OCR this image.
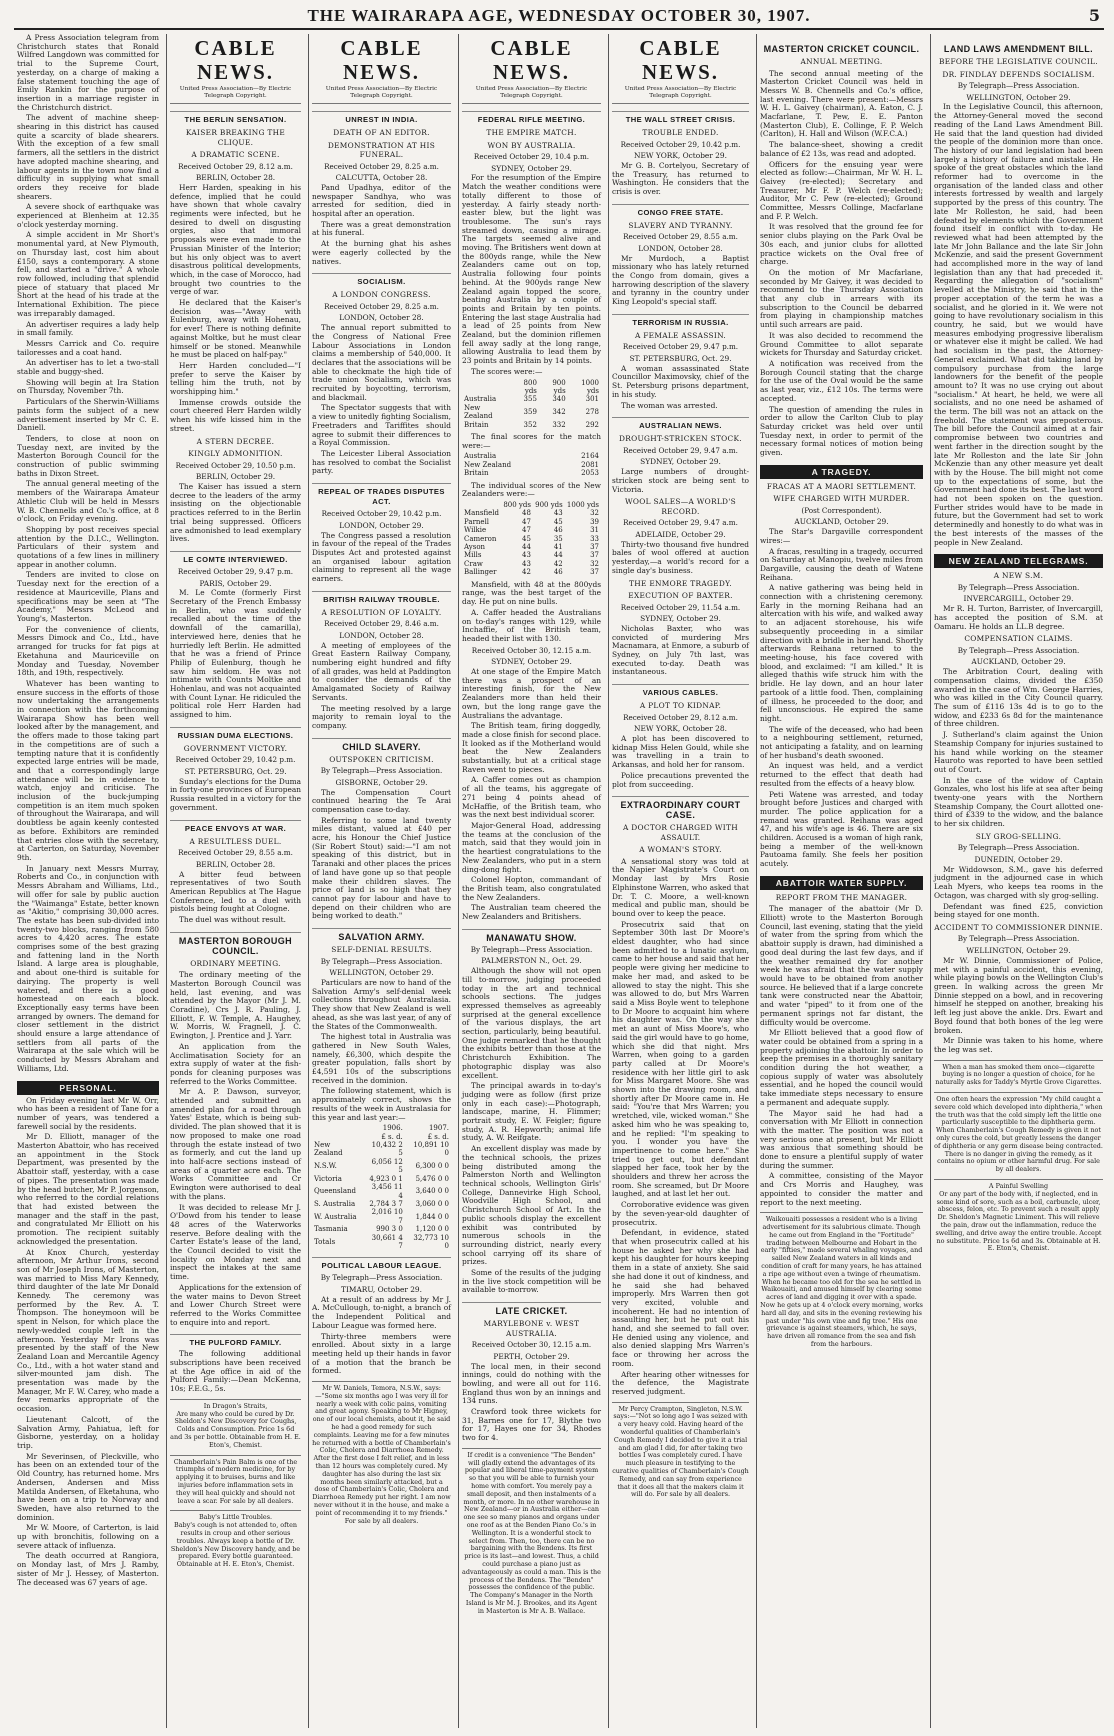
THE WAIRARAPA AGE, WEDNESDAY OCTOBER 30, 1907.	5

A Press Association telegram from Christchurch states that Ronald Wilfred Langdown was committed for trial to the Supreme Court, yesterday, on a charge of making a false statement touching the age of Emily Rankin for the purpose of insertion in a marriage register in the Christchurch district.

The advent of machine sheep-shearing in this district has caused quite a scarcity of blade shearers. With the exception of a few small farmers, all the settlers in the district have adopted machine shearing, and labour agents in the town now find a difficulty in supplying what small orders they receive for blade shearers.

A severe shock of earthquake was experienced at Blenheim at 12.35 o'clock yesterday morning.

A simple accident in Mr Short's monumental yard, at New Plymouth, on Thursday last, cost him about £150, says a contemporary. A stone fell, and started a "drive." A whole row followed, including that splendid piece of statuary that placed Mr Short at the head of his trade at the International Exhibition. The piece was irreparably damaged.

An advertiser requires a lady help in small family.

Messrs Carrick and Co. require tailoresses and a coat hand.

An advertiser has to let a two-stall stable and buggy-shed.

Showing will begin at Ira Station on Thursday, November 7th.

Particulars of the Sherwin-Williams paints form the subject of a new advertisement inserted by Mr C. E. Daniell.

Tenders, to close at noon on Tuesday next, are invited by the Masterton Borough Council for the construction of public swimming baths in Dixon Street.

The annual general meeting of the members of the Wairarapa Amateur Athletic Club will be held in Messrs W. B. Chennells and Co.'s office, at 8 o'clock, on Friday evening.

Shopping by post receives special attention by the D.I.C., Wellington. Particulars of their system and quotations of a few lines in millinery appear in another column.

Tenders are invited to close on Tuesday next for the erection of a residence at Mauriceville, Plans and specifications may be seen at "The Academy," Messrs McLeod and Young's, Masterton.

For the convenience of clients, Messrs Dimock and Co., Ltd., have arranged for trucks for fat pigs at Eketahuna and Mauriceville on Monday and Tuesday, November 18th, and 19th, respectively.

Whatever has been wanting to ensure success in the efforts of those now undertaking the arrangements in connection with the forthcoming Wairarapa Show has been well looked after by the management, and the offers made to those taking part in the competitions are of such a tempting nature that it is confidently expected large entries will be made, and that a correspondingly large attendance will be in evidence to watch, enjoy and criticise. The inclusion of the buck-jumping competition is an item much spoken of throughout the Wairarapa, and will doubtless be again keenly contested as before. Exhibitors are reminded that entries close with the secretary, at Carterton, on Saturday, November 9th.

In January next Messrs Murray, Roberts and Co., in conjunction with Messrs Abraham and Williams, Ltd., will offer for sale by public auction the "Waimanga" Estate, better known as "Akitio," comprising 30,000 acres. The estate has been sub-divided into twenty-two blocks, ranging from 580 acres to 4,420 acres. The estate comprises some of the best grazing and fattening land in the North Island. A large area is ploughable, and about one-third is suitable for dairying. The property is well watered, and there is a good homestead on each block. Exceptionally easy terms have been arranged by owners. The demand for closer settlement in the district should ensure a large attendance of settlers from all parts of the Wairarapa at the sale which will be conducted by Messrs Abraham and Williams, Ltd.

PERSONAL.

On Friday evening last Mr W. Orr, who has been a resident of Tane for a number of years, was tendered a farewell social by the residents.

Mr D. Elliott, manager of the Masterton Abattoir, who has received an appointment in the Stock Department, was presented by the Abattoir staff, yesterday, with a case of pipes. The presentation was made by the head butcher, Mr P. Jorgenson, who referred to the cordial relations that had existed between the manager and the staff in the past, and congratulated Mr Elliott on his promotion. The recipient suitably acknowledged the presentation.

At Knox Church, yesterday afternoon, Mr Arthur Irons, second son of Mr Joseph Irons, of Masterton, was married to Miss Mary Kennedy, third daughter of the late Mr Donald Kennedy. The ceremony was performed by the Rev. A. T. Thompson. The honeymoon will be spent in Nelson, for which place the newly-wedded couple left in the afternoon. Yesterday Mr Irons was presented by the staff of the New Zealand Loan and Mercantile Agency Co., Ltd., with a hot water stand and silver-mounted jam dish. The presentation was made by the Manager, Mr F. W. Carey, who made a few remarks appropriate of the occasion.

Lieutenant Calcott, of the Salvation Army, Pahiatua, left for Gisborne, yesterday, on a holiday trip.

Mr Severinsen, of Pleckville, who has been on an extended tour of the Old Country, has returned home. Mrs Andersen, Andersen and Miss Matilda Andersen, of Eketahuna, who have been on a trip to Norway and Sweden, have also returned to the dominion.

Mr W. Moore, of Carterton, is laid up with bronchitis, following on a severe attack of influenza.

The death occurred at Rangiora, on Monday last, of Mrs J. Ramby, sister of Mr J. Hessey, of Masterton. The deceased was 67 years of age.

CABLE NEWS.
United Press Association—By Electric Telegraph Copyright.
THE BERLIN SENSATION.
KAISER BREAKING THE CLIQUE.
A DRAMATIC SCENE.
Received October 29, 8.12 a.m.
BERLIN, October 28.

Herr Harden, speaking in his defence, implied that he could have shown that whole cavalry regiments were infected, but he desired to dwell on disgusting orgies, also that immoral proposals were even made to the Prussian Minister of the Interior; but his only object was to avert disastrous political developments, which, in the case of Morocco, had brought two countries to the verge of war.

He declared that the Kaiser's decision was—"Away with Eulenburg, away with Hohenau, for ever! There is nothing definite against Moltke, but he must clear himself or be stoned. Meanwhile he must be placed on half-pay."

Herr Harden concluded—"I prefer to serve the Kaiser by telling him the truth, not by worshipping him."

Immense crowds outside the court cheered Herr Harden wildly when his wife kissed him in the street.

A STERN DECREE.
KINGLY ADMONITION.
Received October 29, 10.50 p.m.
BERLIN, October 29.

The Kaiser has issued a stern decree to the leaders of the army insisting on the objectionable practices referred to in the Berlin trial being suppressed. Officers are admonished to lead exemplary lives.

LE COMTE INTERVIEWED.
Received October 29, 9.47 p.m.
PARIS, October 29.

M. Le Comte (formerly First Secretary of the French Embassy in Berlin, who was suddenly recalled about the time of the downfall of the camarilla), interviewed here, denies that he hurriedly left Berlin. He admitted that he was a friend of Prince Philip of Eulenburg, though he saw him seldom. He was not intimate with Counts Moltke and Hohenlau, and was not acquainted with Count Lynar. He ridiculed the political role Herr Harden had assigned to him.

RUSSIAN DUMA ELECTIONS.
GOVERNMENT VICTORY.
Received October 29, 10.42 p.m.
ST. PETERSBURG, Oct. 29.

Sunday's elections for the Duma in forty-one provinces of European Russia resulted in a victory for the government.

PEACE ENVOYS AT WAR.
A RESULTLESS DUEL.
Received October 29, 8.55 a.m.
BERLIN, October 28.

A bitter feud between representatives of two South American Republics at The Hague Conference, led to a duel with pistols being fought at Cologne.

The duel was without result.

MASTERTON BOROUGH COUNCIL.
ORDINARY MEETING.

The ordinary meeting of the Masterton Borough Council was held, last evening, and was attended by the Mayor (Mr J. M. Coradine), Crs J. R. Pauling, J. Elliott, F. W. Temple, A. Haughey, W. Morris, W. Fragnell, J. C. Ewington, J. Prentice and J. Yarr.

An application from the Acclimatisation Society for an extra supply of water at the fish-ponds for cleaning purposes was referred to the Works Committee.

Mr A. P. Dawson, surveyor, attended and submitted an amended plan for a road through Yates' Estate, which is being sub-divided. The plan showed that it is now proposed to make one road through the estate instead of two as formerly, and cut the land up into half-acre sections instead of areas of a quarter acre each. The Works Committee and Cr Ewington were authorised to deal with the plans.

It was decided to release Mr J. O'Dowd from his tender to lease 48 acres of the Waterworks reserve. Before dealing with the Carter Estate's lease of the land, the Council decided to visit the locality on Monday next and inspect the intakes at the same time.

Applications for the extension of the water mains to Devon Street and Lower Church Street were referred to the Works Committee to enquire into and report.

THE PULFORD FAMILY.

The following additional subscriptions have been received at the Age office in aid of the Pulford Family:—Dean McKenna, 10s; F.E.G., 5s.

In Dragon's Straits,
Are many who could be cured by Dr. Sheldon's New Discovery for Coughs, Colds and Consumption. Price 1s 6d and 3s per bottle. Obtainable from H. E. Eton's, Chemist.
Chamberlain's Pain Balm is one of the triumphs of modern medicine, for by applying it to bruises, burns and like injuries before inflammation sets in they will heal quickly and should not leave a scar. For sale by all dealers.
Baby's Little Troubles.
Baby's cough is not attended to, often results in croup and other serious troubles. Always keep a bottle of Dr. Sheldon's New Discovery handy, and be prepared. Every bottle guaranteed. Obtainable at H. E. Eton's, Chemist.
CABLE NEWS.
United Press Association—By Electric Telegraph Copyright.
UNREST IN INDIA.
DEATH OF AN EDITOR.
DEMONSTRATION AT HIS FUNERAL.
Received October 29, 8.25 a.m.
CALCUTTA, October 28.

Pand Upadhya, editor of the newspaper Sandhya, who was arrested for sedition, died in hospital after an operation.

There was a great demonstration at his funeral.

At the burning ghat his ashes were eagerly collected by the natives.

SOCIALISM.
A LONDON CONGRESS.
Received October 29, 8.25 a.m.
LONDON, October 28.

The annual report submitted to the Congress of National Free Labour Associations in London claims a membership of 540,000. It declares that the associations will be able to checkmate the high tide of trade union Socialism, which was recruited by boycotting, terrorism, and blackmail.

The Spectator suggests that with a view to unitedly fighting Socialism, Freetraders and Tariffites should agree to submit their differences to a Royal Commission.

The Leicester Liberal Association has resolved to combat the Socialist party.

REPEAL OF TRADES DISPUTES ACT.
Received October 29, 10.42 p.m.
LONDON, October 29.

The Congress passed a resolution in favour of the repeal of the Trades Disputes Act and protested against an organised labour agitation claiming to represent all the wage earners.

BRITISH RAILWAY TROUBLE.
A RESOLUTION OF LOYALTY.
Received October 29, 8.46 a.m.
LONDON, October 28.

A meeting of employees of the Great Eastern Railway Company, numbering eight hundred and fifty of all grades, was held at Paddington to consider the demands of the Amalgamated Society of Railway Servants.

The meeting resolved by a large majority to remain loyal to the company.

CHILD SLAVERY.
OUTSPOKEN CRITICISM.
By Telegraph—Press Association.
GISBORNE, October 29.

The Compensation Court continued hearing the Te Arai compensation case to-day.

Referring to some land twenty miles distant, valued at £40 per acre, his Honour the Chief Justice (Sir Robert Stout) said:—"I am not speaking of this district, but in Taranaki and other places the prices of land have gone up so that people make their children slaves. The price of land is so high that they cannot pay for labour and have to depend on their children who are being worked to death."

SALVATION ARMY.
SELF-DENIAL RESULTS.
By Telegraph—Press Association.
WELLINGTON, October 29.

Particulars are now to hand of the Salvation Army's self-denial week collections throughout Australasia. They show that New Zealand is well ahead, as she was last year, of any of the States of the Commonwealth.

The highest total in Australia was gathered in New South Wales, namely, £6,300, which despite the greater population, falls short by £4,591 10s of the subscriptions received in the dominion.

The following statement, which is approximately correct, shows the results of the week in Australasia for this year and last year:—

	1906.	1907.
	£ s. d.	£ s. d.
New Zealand	10,432 2 5	10,891 10 0
N.S.W.	6,056 12 5	6,300 0 0
Victoria	4,923 0 1	5,476 0 0
Queensland	3,456 11 4	3,640 0 0
S. Australia	2,784 3 7	3,060 0 0
W. Australia	2,016 10 7	1,844 0 0
Tasmania	990 3 0	1,120 0 0
Totals	30,661 4 7	32,773 10 0
POLITICAL LABOUR LEAGUE.
By Telegraph—Press Association.
TIMARU, October 29.

At a result of an address by Mr J. A. McCullough, to-night, a branch of the Independent Political and Labour League was formed here.

Thirty-three members were enrolled. About sixty in a large meeting held up their hands in favor of a motion that the branch be formed.

Mr W. Daniels, Temora, N.S.W., says:—"Some six months ago I was very ill for nearly a week with colic pains, vomiting and great agony. Speaking to Mr Higney, one of our local chemists, about it, he said he had a good remedy for such complaints. Leaving me for a few minutes he returned with a bottle of Chamberlain's Colic, Cholera and Diarrhoea Remedy. After the first dose I felt relief, and in less than 12 hours was completely cured. My daughter has also during the last six months been similarly attacked, but a dose of Chamberlain's Colic, Cholera and Diarrhoea Remedy put her right. I am now never without it in the house, and make a point of recommending it to my friends." For sale by all dealers.
CABLE NEWS.
United Press Association—By Electric Telegraph Copyright.
FEDERAL RIFLE MEETING.
THE EMPIRE MATCH.
WON BY AUSTRALIA.
Received October 29, 10.4 p.m.
SYDNEY, October 29.

For the resumption of the Empire Match the weather conditions were totally different to those of yesterday. A fairly steady north-easter blew, but the light was troublesome. The sun's rays streamed down, causing a mirage. The targets seemed alive and moving. The Britishers went down at the 800yds range, while the New Zealanders came out on top, Australia following four points behind. At the 900yds range New Zealand again topped the score, beating Australia by a couple of points and Britain by ten points. Entering the last stage Australia had a lead of 25 points from New Zealand, but the dominion riflemen fell away sadly at the long range, allowing Australia to lead them by 23 points and Britain by 14 points.

The scores were:—

	800 yds	900 yds	1000 yds
Australia	355	340	301
New Zealand	359	342	278
Britain	352	332	292

The final scores for the match were:—

Australia	2164
New Zealand	2081
Britain	2053

The individual scores of the New Zealanders were:—

	800 yds	900 yds	1000 yds
Mansfield	48	43	32
Parnell	47	45	39
Wilkie	47	46	31
Cameron	45	35	33
Ayson	44	41	37
Mills	43	44	37
Craw	43	42	32
Ballinger	42	46	37

Mansfield, with 48 at the 800yds range, was the best target of the day. He put on nine bulls.

A. Caffer headed the Australians on to-day's ranges with 129, while Inchaffie, of the British team, headed their list with 130.

Received October 30, 12.15 a.m.
SYDNEY, October 29.

At one stage of the Empire Match there was a prospect of an interesting finish, for the New Zealanders more than held their own, but the long range gave the Australians the advantage.

The British team, firing doggedly, made a close finish for second place. It looked as if the Motherland would beat the New Zealanders substantially, but at a critical stage Raven went to pieces.

A. Caffer comes out as champion of all the teams, his aggregate of 271 being 4 points ahead of McHaffie, of the British team, who was the next best individual scorer.

Major-General Hoad, addressing the teams at the conclusion of the match, said that they would join in the heartiest congratulations to the New Zealanders, who put in a stern ding-dong fight.

Colonel Hopton, commandant of the British team, also congratulated the New Zealanders.

The Australian team cheered the New Zealanders and Britishers.

MANAWATU SHOW.
By Telegraph—Press Association.
PALMERSTON N., Oct. 29.

Although the show will not open till to-morrow, judging proceeded today in the art and technical schools sections. The judges expressed themselves as agreeably surprised at the general excellence of the various displays, the art section, particularly, being beautiful. One judge remarked that he thought the exhibits better than those at the Christchurch Exhibition. The photographic display was also excellent.

The principal awards in to-day's judging were as follow (first prize only in each case):—Photograph, landscape, marine, H. Flimmer; portrait study, E. W. Feigler; figure study, A. R. Hepworth; animal life study, A. W. Reifgate.

An excellent display was made by the technical schools, the prizes being distributed among the Palmerston North and Wellington technical schools, Wellington Girls' College, Dannevirke High School, Woodville High School, and Christchurch School of Art. In the public schools display the excellent exhibit was contributed by numerous schools in the surrounding district, nearly every school carrying off its share of prizes.

Some of the results of the judging in the live stock competition will be available to-morrow.

LATE CRICKET.
MARYLEBONE v. WEST AUSTRALIA.
Received October 30, 12.15 a.m.
PERTH, October 29.

The local men, in their second innings, could do nothing with the bowling, and were all out for 116. England thus won by an innings and 134 runs.

Crawford took three wickets for 31, Barnes one for 17, Blythe two for 17, Hayes one for 34, Rhodes two for 4.

If credit is a convenience "The Benden" will gladly extend the advantages of its popular and liberal time-payment system so that you will be able to furnish your home with comfort. You merely pay a small deposit, and then instalments of a month, or more. In no other warehouse in New Zealand—or in Australia either—can one see so many pianos and organs under one roof as at the Benden Piano Co.'s in Wellington. It is a wonderful stock to select from. Then, too, there can be no bargaining with the Bendens. Its first price is its last—and lowest. Thus, a child could purchase a piano just as advantageously as could a man. This is the process of the Bendens. The "Benden" possesses the confidence of the public. The Company's Manager in the North Island is Mr M. J. Brookes, and its Agent in Masterton is Mr A. B. Wallace.
CABLE NEWS.
United Press Association—By Electric Telegraph Copyright.
THE WALL STREET CRISIS.
TROUBLE ENDED.
Received October 29, 10.42 p.m.
NEW YORK, October 29.

Mr G. B. Cortelyou, Secretary of the Treasury, has returned to Washington. He considers that the crisis is over.

CONGO FREE STATE.
SLAVERY AND TYRANNY.
Received October 29, 8.55 a.m.
LONDON, October 28.

Mr Murdoch, a Baptist missionary who has lately returned the Congo from domain, gives a harrowing description of the slavery and tyranny in the country under King Leopold's special staff.

TERRORISM IN RUSSIA.
A FEMALE ASSASSIN.
Received October 29, 9.47 p.m.
ST. PETERSBURG, Oct. 29.

A woman assassinated State Councillor Maximovsky, chief of the St. Petersburg prisons department, in his study.

The woman was arrested.

AUSTRALIAN NEWS.
DROUGHT-STRICKEN STOCK.
Received October 29, 9.47 a.m.
SYDNEY, October 29.

Large numbers of drought-stricken stock are being sent to Victoria.

WOOL SALES—A WORLD'S RECORD.
Received October 29, 9.47 a.m.
ADELAIDE, October 29.

Thirty-two thousand five hundred bales of wool offered at auction yesterday,—a world's record for a single day's business.

THE ENMORE TRAGEDY.
EXECUTION OF BAXTER.
Received October 29, 11.54 a.m.
SYDNEY, October 29.

Nicholas Baxter, who was convicted of murdering Mrs Macnamara, at Enmore, a suburb of Sydney, on July 7th last, was executed to-day. Death was instantaneous.

VARIOUS CABLES.
A PLOT TO KIDNAP.
Received October 29, 8.12 a.m.
NEW YORK, October 28.

A plot has been discovered to kidnap Miss Helen Gould, while she was travelling in a train to Arkansas, and hold her for ransom.

Police precautions prevented the plot from succeeding.

EXTRAORDINARY COURT CASE.
A DOCTOR CHARGED WITH ASSAULT.
A WOMAN'S STORY.

A sensational story was told at the Napier Magistrate's Court on Monday last by Mrs Rosie Elphinstone Warren, who asked that Dr. T. C. Moore, a well-known medical and public man, should be bound over to keep the peace.

Prosecutrix said that on September 30th last Dr Moore's eldest daughter, who had since been admitted to a lunatic asylum, came to her house and said that her people were giving her medicine to make her mad, and asked to be allowed to stay the night. This she was allowed to do, but Mrs Warren said a Miss Boyle went to telephone to Dr Moore to acquaint him where his daughter was. On the way she met an aunt of Miss Moore's, who said the girl would have to go home, which she did that night. Mrs Warren, when going to a garden party called at Dr Moore's residence with her little girl to ask for Miss Margaret Moore. She was shown into the drawing room, and shortly after Dr Moore came in. He said: "You're that Mrs Warren; you wretched, vile, wicked woman." She asked him who he was speaking to, and he replied: "I'm speaking to you. I wonder you have the impertinence to come here." She tried to get out, but defendant slapped her face, took her by the shoulders and threw her across the room. She screamed, but Dr Moore laughed, and at last let her out.

Corroborative evidence was given by the seven-year-old daughter of prosecutrix.

Defendant, in evidence, stated that when prosecutrix called at his house he asked her why she had kept his daughter for hours keeping them in a state of anxiety. She said she had done it out of kindness, and he said she had behaved improperly. Mrs Warren then got very excited, voluble and incoherent. He had no intention of assaulting her, but he put out his hand, and she seemed to fall over. He denied using any violence, and also denied slapping Mrs Warren's face or throwing her across the room.

After hearing other witnesses for the defence, the Magistrate reserved judgment.

Mr Percy Crampton, Singleton, N.S.W. says:—"Not so long ago I was seized with a very heavy cold. Having heard of the wonderful qualities of Chamberlain's Cough Remedy I decided to give it a trial and am glad I did, for after taking two bottles I was completely cured. I have much pleasure in testifying to the curative qualities of Chamberlain's Cough Remedy, and can say from experience that it does all that the makers claim it will do. For sale by all dealers.
MASTERTON CRICKET COUNCIL.
ANNUAL MEETING.

The second annual meeting of the Masterton Cricket Council was held in Messrs W. B. Chennells and Co.'s office, last evening. There were present:—Messrs W. H. L. Gaivey (chairman), A. Eaton, C. J. Macfarlane, T. Pew, E. E. Panton (Masterton Club), E. Collinge, F. P. Welch (Carlton), H. Hall and Wilson (W.F.C.A.)

The balance-sheet, showing a credit balance of £2 13s, was read and adopted.

Officers for the ensuing year were elected as follow:—Chairman, Mr W. H. L. Gaivey (re-elected); Secretary and Treasurer, Mr F. P. Welch (re-elected); Auditor, Mr C. Pew (re-elected); Ground Committee, Messrs Collinge, Macfarlane and F. P. Welch.

It was resolved that the ground fee for senior clubs playing on the Park Oval be 30s each, and junior clubs for allotted practice wickets on the Oval free of charge.

On the motion of Mr Macfarlane, seconded by Mr Gaivey, it was decided to recommend to the Thursday Association that any club in arrears with its subscription to the Council be debarred from playing in championship matches until such arrears are paid.

It was also decided to recommend the Ground Committee to allot separate wickets for Thursday and Saturday cricket.

A notification was received from the Borough Council stating that the charge for the use of the Oval would be the same as last year, viz., £12 10s. The terms were accepted.

The question of amending the rules in order to allow the Carlton Club to play Saturday cricket was held over until Tuesday next, in order to permit of the necessary formal notices of motion being given.

A TRAGEDY.
FRACAS AT A MAORI SETTLEMENT.
WIFE CHARGED WITH MURDER.
(Post Correspondent).
AUCKLAND, October 29.

The Star's Dargaville correspondent wires:—

A fracas, resulting in a tragedy, occurred on Saturday at Manopiu, twelve miles from Dargaville, causing the death of Watene Reihana.

A native gathering was being held in connection with a christening ceremony. Early in the morning Reihana had an altercation with his wife, and walked away to an adjacent storehouse, his wife subsequently proceeding in a similar direction with a bridle in her hand. Shortly afterwards Reihana returned to the meeting-house, his face covered with blood, and exclaimed: "I am killed." It is alleged thathis wife struck him with the bridle. He lay down, and an hour later partook of a little food. Then, complaining of illness, he proceeded to the door, and fell unconscious. He expired the same night.

The wife of the deceased, who had been to a neighbouring settlement, returned, not anticipating a fatality, and on learning of her husband's death swooned.

An inquest was held, and a verdict returned to the effect that death had resulted from the effects of a heavy blow.

Peti Watene was arrested, and today brought before Justices and charged with murder. The police application for a remand was granted. Reihana was aged 47, and his wife's age is 46. There are six children. Accused is a woman of high rank, being a member of the well-known Pautoama family. She feels her position acutely.

ABATTOIR WATER SUPPLY.
REPORT FROM THE MANAGER.

The manager of the abattoir (Mr D. Elliott) wrote to the Masterton Borough Council, last evening, stating that the yield of water from the spring from which the abattoir supply is drawn, had diminished a good deal during the last few days, and if the weather remained dry for another week he was afraid that the water supply would have to be obtained from another source. He believed that if a large concrete tank were constructed near the Abattoir, and water "piped" to it from one of the permanent springs not far distant, the difficulty would be overcome.

Mr Elliott believed that a good flow of water could be obtained from a spring in a property adjoining the abattoir. In order to keep the premises in a thoroughly sanitary condition during the hot weather, a copious supply of water was absolutely essential, and he hoped the council would take immediate steps necessary to ensure a permanent and adequate supply.

The Mayor said he had had a conversation with Mr Elliott in connection with the matter. The position was not a very serious one at present, but Mr Elliott was anxious that something should be done to ensure a plentiful supply of water during the summer.

A committee, consisting of the Mayor and Crs Morris and Haughey, was appointed to consider the matter and report to the next meeting.

Waikouaiti possesses a resident who is a living advertisement for its salubrious climate. Though he came out from England in the "Fortitude" trading between Melbourne and Hobart in the early "fifties," made several whaling voyages, and sailed New Zealand waters in all kinds and condition of craft for many years, he has attained a ripe age without even a twinge of rheumatism. When he became too old for the sea he settled in Waikouaiti, and amused himself by clearing some acres of land and digging it over with a spade. Now he gets up at 4 o'clock every morning, works hard all day, and sits in the evening reviewing his past under "his own vine and fig tree." His one grievance is against steamers, which, he says, have driven all romance from the sea and fish from the harbours.
LAND LAWS AMENDMENT BILL.
BEFORE THE LEGISLATIVE COUNCIL.
DR. FINDLAY DEFENDS SOCIALISM.
By Telegraph—Press Association.
WELLINGTON, October 29.

In the Legislative Council, this afternoon, the Attorney-General moved the second reading of the Land Laws Amendment Bill. He said that the land question had divided the people of the dominion more than once. The history of our land legislation had been largely a history of failure and mistake. He spoke of the great obstacles which the land reformer had to overcome in the organisation of the landed class and other interests fortressed by wealth and largely supported by the press of this country. The late Mr Rolleston, he said, had been defeated by elements which the Government found itself in conflict with to-day. He reviewed what had been attempted by the late Mr John Ballance and the late Sir John McKenzie, and said the present Government had accomplished more in the way of land legislation than any that had preceded it. Regarding the allegation of "socialism" levelled at the Ministry, he said that in the proper acceptation of the term he was a socialist, and he gloried in it. We were not going to have revolutionary socialism in this country, he said, but we would have measures embodying progressive liberalism or whatever else it might be called. We had had socialism in the past, the Attorney-General exclaimed. What did taking land by compulsory purchase from the large landowners for the benefit of the people amount to? It was no use crying out about "socialism." At heart, he held, we were all socialists, and no one need be ashamed of the term. The bill was not an attack on the freehold. The statement was preposterous. The bill before the Council aimed at a fair compromise between two countries and went farther in the direction sought by the late Mr Rolleston and the late Sir John McKenzie than any other measure yet dealt with by the House. The bill might not come up to the expectations of some, but the Government had done its best. The last word had not been spoken on the question. Further strides would have to be made in future, but the Government had set to work determinedly and honestly to do what was in the best interests of the masses of the people in New Zealand.

NEW ZEALAND TELEGRAMS.
A NEW S.M.
By Telegraph—Press Association.
INVERCARGILL, October 29.

Mr R. H. Turton, Barrister, of Invercargill, has accepted the position of S.M. at Oamaru. He holds an LL.B degree.

COMPENSATION CLAIMS.
By Telegraph—Press Association.
AUCKLAND, October 29.

The Arbitration Court, dealing with compensation claims, divided the £350 awarded in the case of Wm. George Harries, who was killed in the City Council quarry. The sum of £116 13s 4d is to go to the widow, and £233 6s 8d for the maintenance of three children.

J. Sutherland's claim against the Union Steamship Company for injuries sustained to his hand while working on the steamer Hauroto was reported to have been settled out of Court.

In the case of the widow of Captain Gonzales, who lost his life at sea after being twenty-one years with the Northern Steamship Company, the Court allotted one-third of £339 to the widow, and the balance to her six children.

SLY GROG-SELLING.
By Telegraph—Press Association.
DUNEDIN, October 29.

Mr Widdowson, S.M., gave his deferred judgment in the adjourned case in which Leah Myers, who keeps tea rooms in the Octagon, was charged with sly grog-selling.

Defendant was fined £25, conviction being stayed for one month.

ACCIDENT TO COMMISSIONER DINNIE.
By Telegraph—Press Association.
WELLINGTON, October 29.

Mr W. Dinnie, Commissioner of Police, met with a painful accident, this evening, while playing bowls on the Wellington Club's green. In walking across the green Mr Dinnie stepped on a bowl, and in recovering himself he stepped on another, breaking his left leg just above the ankle. Drs. Ewart and Boyd found that both bones of the leg were broken.

Mr Dinnie was taken to his home, where the leg was set.

When a man has smoked them once—cigarette buying is no longer a question of choice, for he naturally asks for Taddy's Myrtle Grove Cigarettes.
One often hears the expression "My child caught a severe cold which developed into diphtheria," when the truth was that the cold simply left the little one particularly susceptible to the diphtheria germ. When Chamberlain's Cough Remedy is given it not only cures the cold, but greatly lessens the danger of diphtheria or any germ disease being contracted. There is no danger in giving the remedy, as it contains no opium or other harmful drug. For sale by all dealers.
A Painful Swelling
Or any part of the body with, if neglected, end in some kind of sore, such as a boil, carbuncle, ulcer, abscess, felon, etc. To prevent such a result apply Dr. Sheldon's Magnetic Liniment. This will relieve the pain, draw out the inflammation, reduce the swelling, and drive away the entire trouble. Accept no substitute. Price 1s 6d and 3s. Obtainable at H. E. Eton's, Chemist.
